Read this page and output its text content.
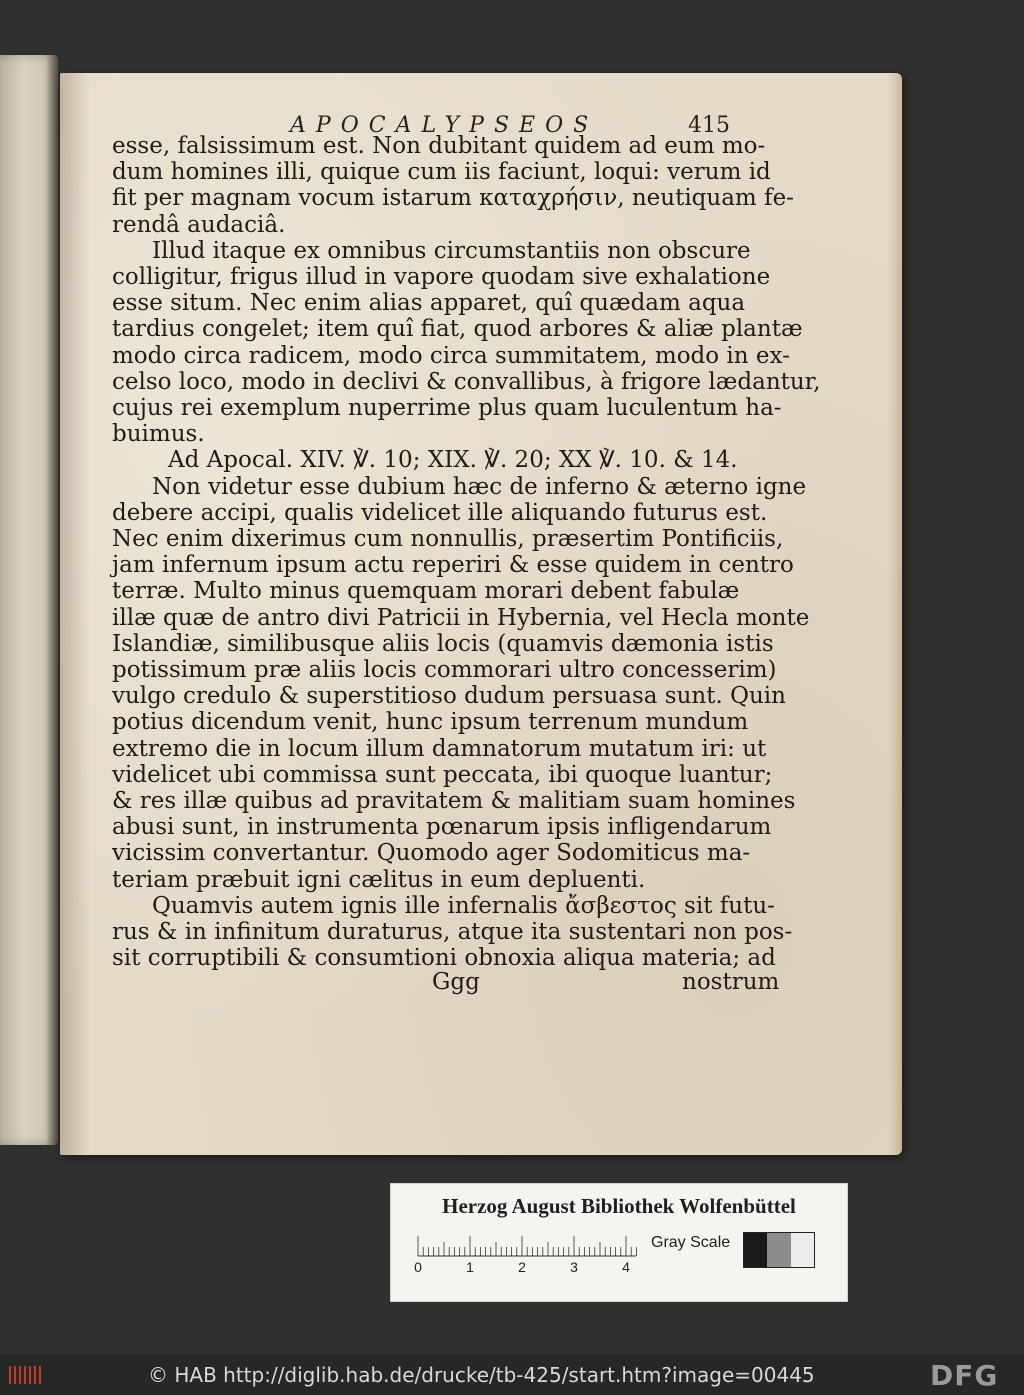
APOCALYPSEOS	415
esse, falsissimum est. Non dubitant quidem ad eum mo-
dum homines illi, quique cum iis faciunt, loqui: verum id
fit per magnam vocum istarum καταχρήσιν, neutiquam fe-
rendâ audaciâ.
Illud itaque ex omnibus circumstantiis non obscure
colligitur, frigus illud in vapore quodam sive exhalatione
esse situm. Nec enim alias apparet, quî quædam aqua
tardius congelet; item quî fiat, quod arbores & aliæ plantæ
modo circa radicem, modo circa summitatem, modo in ex-
celso loco, modo in declivi & convallibus, à frigore lædantur,
cujus rei exemplum nuperrime plus quam luculentum ha-
buimus.
Ad Apocal. XIV. ℣. 10; XIX. ℣. 20; XX ℣. 10. & 14.
Non videtur esse dubium hæc de inferno & æterno igne
debere accipi, qualis videlicet ille aliquando futurus est.
Nec enim dixerimus cum nonnullis, præsertim Pontificiis,
jam infernum ipsum actu reperiri & esse quidem in centro
terræ. Multo minus quemquam morari debent fabulæ
illæ quæ de antro divi Patricii in Hybernia, vel Hecla monte
Islandiæ, similibusque aliis locis (quamvis dæmonia istis
potissimum præ aliis locis commorari ultro concesserim)
vulgo credulo & superstitioso dudum persuasa sunt. Quin
potius dicendum venit, hunc ipsum terrenum mundum
extremo die in locum illum damnatorum mutatum iri: ut
videlicet ubi commissa sunt peccata, ibi quoque luantur;
& res illæ quibus ad pravitatem & malitiam suam homines
abusi sunt, in instrumenta pœnarum ipsis infligendarum
vicissim convertantur. Quomodo ager Sodomiticus ma-
teriam præbuit igni cælitus in eum depluenti.
Quamvis autem ignis ille infernalis ἄσβεστος sit futu-
rus & in infinitum duraturus, atque ita sustentari non pos-
sit corruptibili & consumtioni obnoxia aliqua materia; ad
Ggg	nostrum
Herzog August Bibliothek Wolfenbüttel
0	1	2	3	4
Gray Scale
© HAB http://diglib.hab.de/drucke/tb-425/start.htm?image=00445	DFG
